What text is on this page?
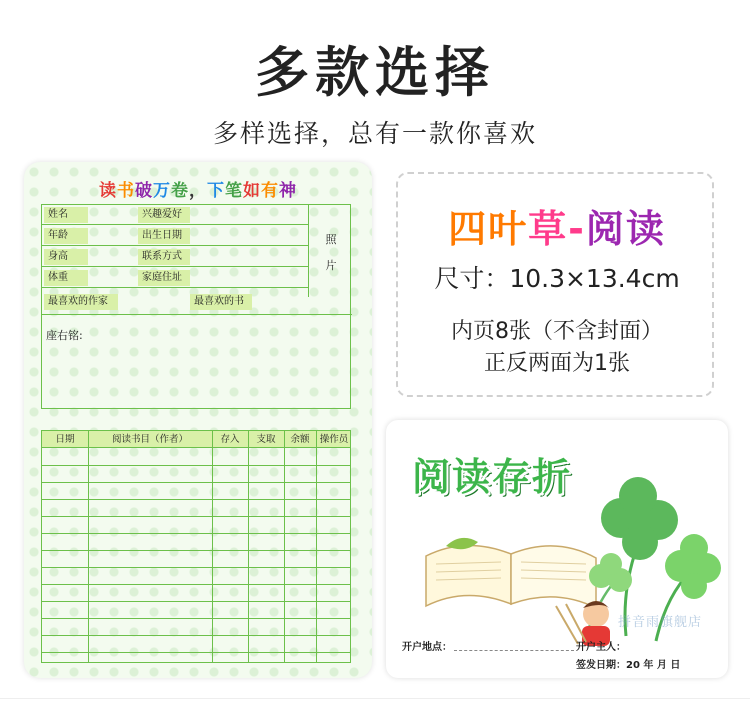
多款选择
多样选择，总有一款你喜欢
读书破万卷，下笔如有神
姓名	兴趣爱好
年龄	出生日期
身高	联系方式
体重	家庭住址
最喜欢的作家	最喜欢的书
照
片
座右铭:
日期	阅读书目（作者）	存入	支取	余额	操作员
四叶草-阅读
尺寸：10.3×13.4cm
内页8张（不含封面）
正反两面为1张
阅读存折
拼音雨旗舰店
开户地点：	开户主人：
签发日期：20 年 月 日
